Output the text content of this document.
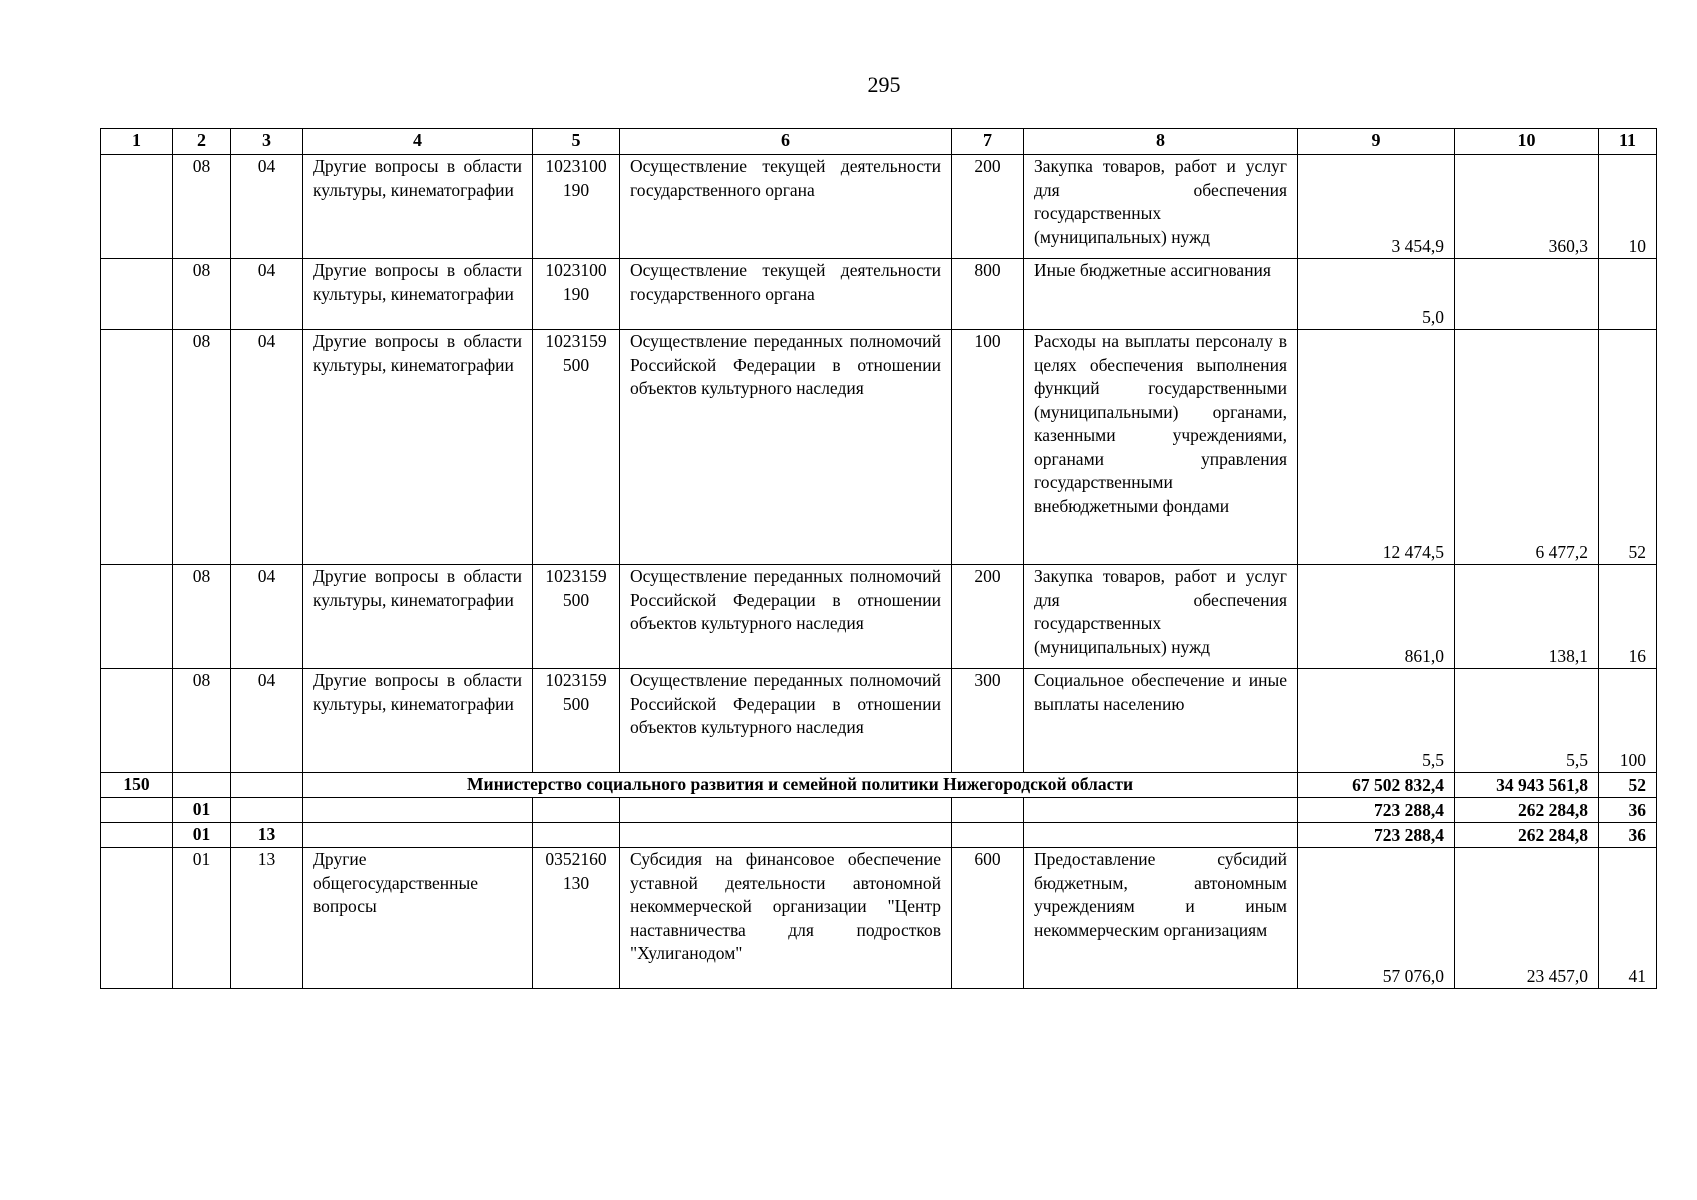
295
1	2	3	4	5	6	7	8	9	10	11
	08	04	Другие вопросы в области культуры, кинематографии	1023100190	Осуществление текущей деятельности государственного органа	200	Закупка товаров, работ и услуг для обеспечения государственных (муниципальных) нужд	3 454,9	360,3	10
	08	04	Другие вопросы в области культуры, кинематографии	1023100190	Осуществление текущей деятельности государственного органа	800	Иные бюджетные ассигнования	5,0		
	08	04	Другие вопросы в области культуры, кинематографии	1023159500	Осуществление переданных полномочий Российской Федерации в отношении объектов культурного наследия	100	Расходы на выплаты персоналу в целях обеспечения выполнения функций государственными (муниципальными) органами, казенными учреждениями, органами управления государственными внебюджетными фондами	12 474,5	6 477,2	52
	08	04	Другие вопросы в области культуры, кинематографии	1023159500	Осуществление переданных полномочий Российской Федерации в отношении объектов культурного наследия	200	Закупка товаров, работ и услуг для обеспечения государственных (муниципальных) нужд	861,0	138,1	16
	08	04	Другие вопросы в области культуры, кинематографии	1023159500	Осуществление переданных полномочий Российской Федерации в отношении объектов культурного наследия	300	Социальное обеспечение и иные выплаты населению	5,5	5,5	100
150			Министерство социального развития и семейной политики Нижегородской области					67 502 832,4	34 943 561,8	52
	01							723 288,4	262 284,8	36
	01	13						723 288,4	262 284,8	36
	01	13	Другие общегосударственные вопросы	0352160130	Субсидия на финансовое обеспечение уставной деятельности автономной некоммерческой организации "Центр наставничества для подростков "Хулиганодом"	600	Предоставление субсидий бюджетным, автономным учреждениям и иным некоммерческим организациям	57 076,0	23 457,0	41
